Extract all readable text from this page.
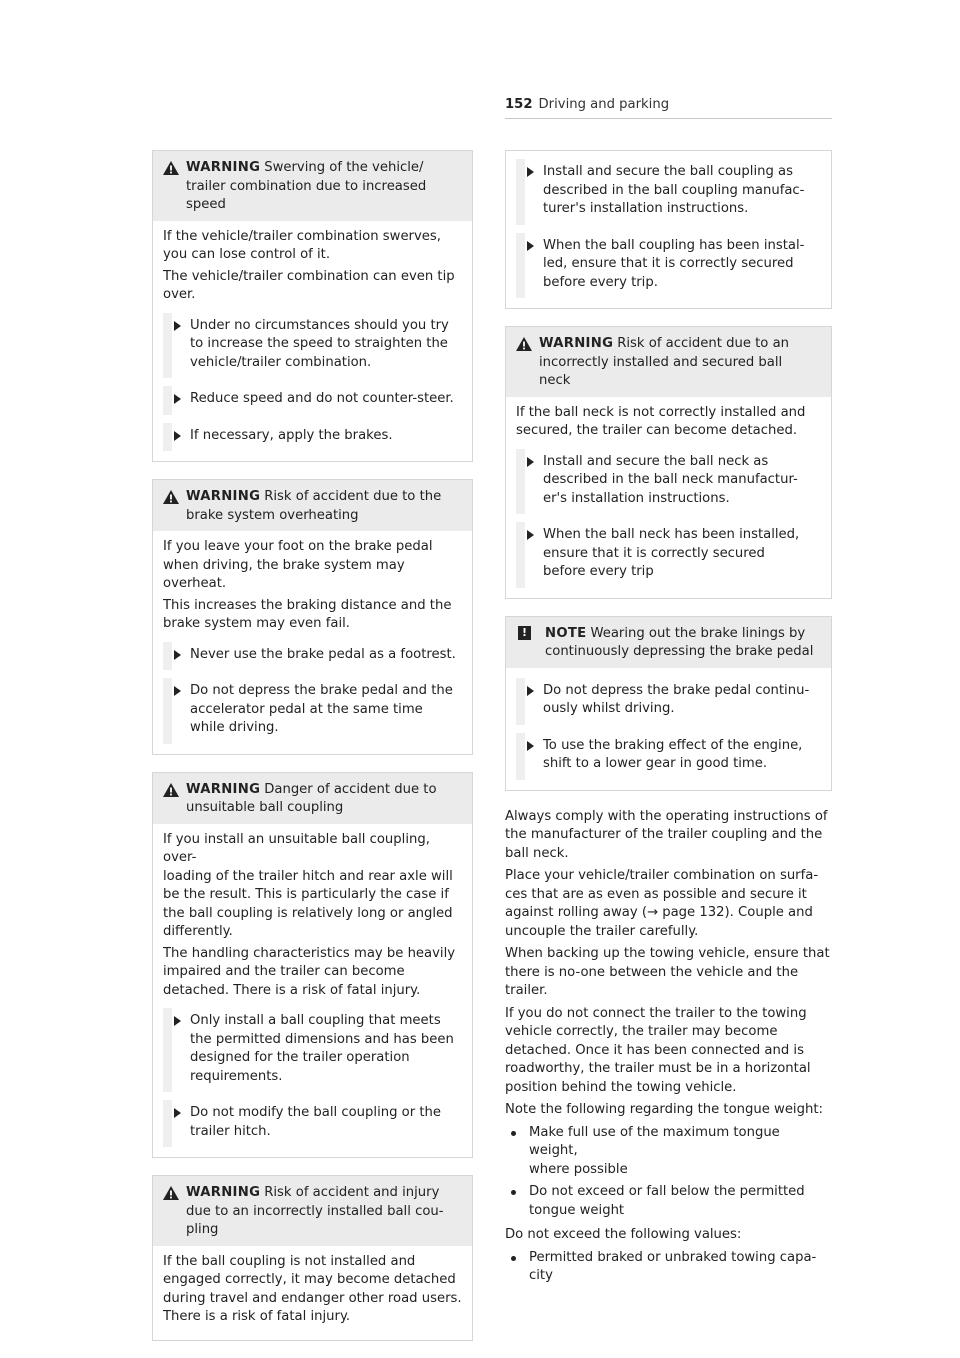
152 Driving and parking
WARNING Swerving of the vehicle/
trailer combination due to increased
speed

If the vehicle/trailer combination swerves,
you can lose control of it.

The vehicle/trailer combination can even tip
over.

Under no circumstances should you try
to increase the speed to straighten the
vehicle/trailer combination.
Reduce speed and do not counter-steer.
If necessary, apply the brakes.
WARNING Risk of accident due to the
brake system overheating

If you leave your foot on the brake pedal
when driving, the brake system may overheat.

This increases the braking distance and the
brake system may even fail.

Never use the brake pedal as a footrest.
Do not depress the brake pedal and the
accelerator pedal at the same time
while driving.
WARNING Danger of accident due to
unsuitable ball coupling

If you install an unsuitable ball coupling, over-
loading of the trailer hitch and rear axle will
be the result. This is particularly the case if
the ball coupling is relatively long or angled
differently.

The handling characteristics may be heavily
impaired and the trailer can become
detached. There is a risk of fatal injury.

Only install a ball coupling that meets
the permitted dimensions and has been
designed for the trailer operation
requirements.
Do not modify the ball coupling or the
trailer hitch.
WARNING Risk of accident and injury
due to an incorrectly installed ball cou-
pling

If the ball coupling is not installed and
engaged correctly, it may become detached
during travel and endanger other road users.
There is a risk of fatal injury.

Install and secure the ball coupling as
described in the ball coupling manufac-
turer's installation instructions.
When the ball coupling has been instal-
led, ensure that it is correctly secured
before every trip.
WARNING Risk of accident due to an
incorrectly installed and secured ball
neck

If the ball neck is not correctly installed and
secured, the trailer can become detached.

Install and secure the ball neck as
described in the ball neck manufactur-
er's installation instructions.
When the ball neck has been installed,
ensure that it is correctly secured
before every trip
!	NOTE Wearing out the brake linings by
continuously depressing the brake pedal
Do not depress the brake pedal continu-
ously whilst driving.
To use the braking effect of the engine,
shift to a lower gear in good time.

Always comply with the operating instructions of
the manufacturer of the trailer coupling and the
ball neck.

Place your vehicle/trailer combination on surfa-
ces that are as even as possible and secure it
against rolling away (→ page 132). Couple and
uncouple the trailer carefully.

When backing up the towing vehicle, ensure that
there is no-one between the vehicle and the
trailer.

If you do not connect the trailer to the towing
vehicle correctly, the trailer may become
detached. Once it has been connected and is
roadworthy, the trailer must be in a horizontal
position behind the towing vehicle.

Note the following regarding the tongue weight:

Make full use of the maximum tongue weight,
where possible
Do not exceed or fall below the permitted
tongue weight

Do not exceed the following values:

Permitted braked or unbraked towing capa-
city
